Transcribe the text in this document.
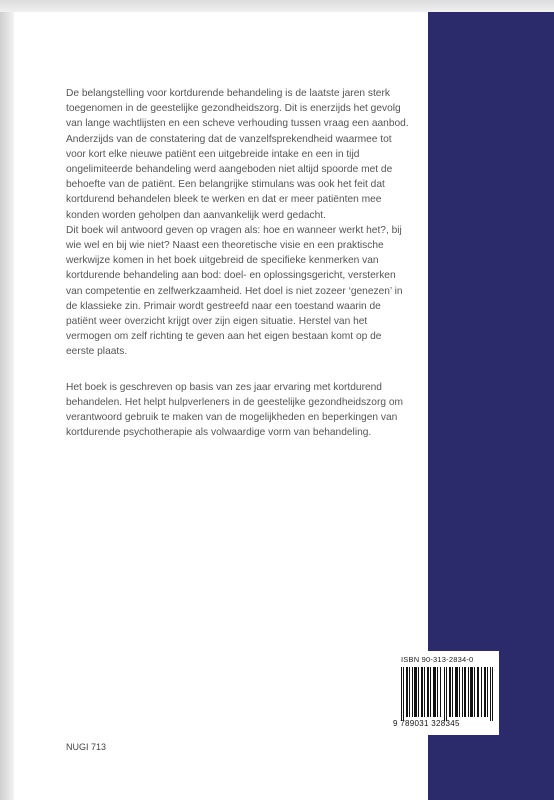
De belangstelling voor kortdurende behandeling is de laatste jaren sterk toegenomen in de geestelijke gezondheidszorg. Dit is enerzijds het gevolg van lange wachtlijsten en een scheve verhouding tussen vraag een aanbod. Anderzijds van de constatering dat de vanzelfsprekendheid waarmee tot voor kort elke nieuwe patiënt een uitgebreide intake en een in tijd ongelimiteerde behandeling werd aangeboden niet altijd spoorde met de behoefte van de patiënt. Een belangrijke stimulans was ook het feit dat kortdurend behandelen bleek te werken en dat er meer patiënten mee konden worden geholpen dan aanvankelijk werd gedacht.

Dit boek wil antwoord geven op vragen als: hoe en wanneer werkt het?, bij wie wel en bij wie niet? Naast een theoretische visie en een praktische werkwijze komen in het boek uitgebreid de specifieke kenmerken van kortdurende behandeling aan bod: doel- en oplossingsgericht, versterken van competentie en zelfwerkzaamheid. Het doel is niet zozeer ‘genezen’ in de klassieke zin. Primair wordt gestreefd naar een toestand waarin de patiënt weer overzicht krijgt over zijn eigen situatie. Herstel van het vermogen om zelf richting te geven aan het eigen bestaan komt op de eerste plaats.

Het boek is geschreven op basis van zes jaar ervaring met kortdurend behandelen. Het helpt hulpverleners in de geestelijke gezondheidszorg om verantwoord gebruik te maken van de mogelijkheden en beperkingen van kortdurende psychotherapie als volwaardige vorm van behandeling.

ISBN 90-313-2834-0
9 789031 328345
NUGI 713
